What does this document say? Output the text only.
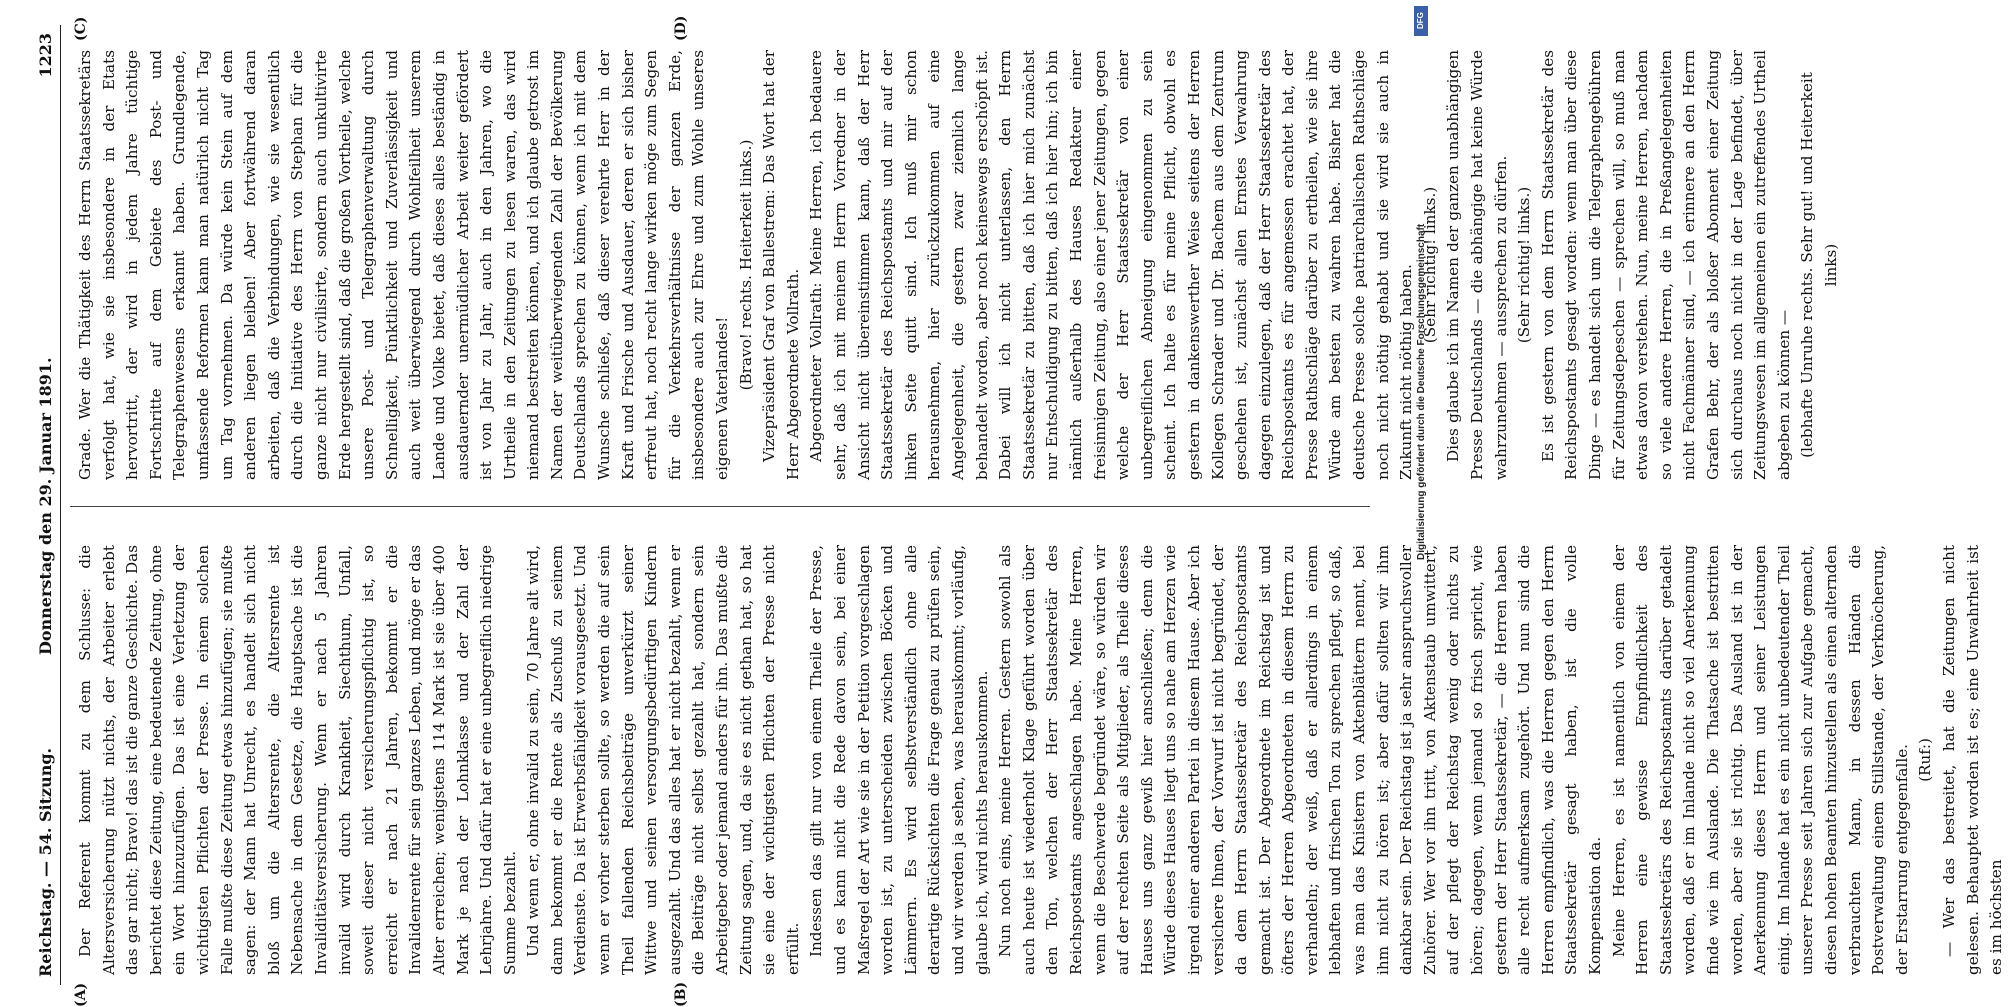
Reichstag. — 54. Sitzung.
Donnerstag den 29. Januar 1891.
1223
(A)	(B)
(C)	(D)

Der Referent kommt zu dem Schlusse: die Altersversicherung nützt nichts, der Arbeiter erlebt das gar nicht; Bravo! das ist die ganze Geschichte. Das berichtet diese Zeitung, eine bedeutende Zeitung, ohne ein Wort hinzuzufügen. Das ist eine Verletzung der wichtigsten Pflichten der Presse. In einem solchen Falle mußte diese Zeitung etwas hinzufügen; sie mußte sagen: der Mann hat Unrecht, es handelt sich nicht bloß um die Altersrente, die Altersrente ist Nebensache in dem Gesetze, die Hauptsache ist die Invaliditätsversicherung. Wenn er nach 5 Jahren invalid wird durch Krankheit, Siechthum, Unfall, soweit dieser nicht versicherungspflichtig ist, so erreicht er nach 21 Jahren, bekommt er die Invalidenrente für sein ganzes Leben, und möge er das Alter erreichen; wenigstens 114 Mark ist sie über 400 Mark je nach der Lohnklasse und der Zahl der Lehrjahre. Und dafür hat er eine unbegreiflich niedrige Summe bezahlt. Und wenn er, ohne invalid zu sein, 70 Jahre alt wird, dann bekommt er die Rente als Zuschuß zu seinem Verdienste. Da ist Erwerbsfähigkeit vorausgesetzt. Und wenn er vorher sterben sollte, so werden die auf sein Theil fallenden Reichsbeiträge unverkürzt seiner Wittwe und seinen versorgungsbedürftigen Kindern ausgezahlt. Und das alles hat er nicht bezahlt, wenn er die Beiträge nicht selbst gezahlt hat, sondern sein Arbeitgeber oder jemand anders für ihn. Das mußte die Zeitung sagen, und, da sie es nicht gethan hat, so hat sie eine der wichtigsten Pflichten der Presse nicht erfüllt. Indessen das gilt nur von einem Theile der Presse, und es kann nicht die Rede davon sein, bei einer Maßregel der Art wie sie in der Petition vorgeschlagen worden ist, zu unterscheiden zwischen Böcken und Lämmern. Es wird selbstverständlich ohne alle derartige Rücksichten die Frage genau zu prüfen sein, und wir werden ja sehen, was herauskommt; vorläufig, glaube ich, wird nichts herauskommen. Nun noch eins, meine Herren. Gestern sowohl als auch heute ist wiederholt Klage geführt worden über den Ton, welchen der Herr Staatssekretär des Reichspostamts angeschlagen habe. Meine Herren, wenn die Beschwerde begründet wäre, so würden wir auf der rechten Seite als Mitglieder, als Theile dieses Hauses uns ganz gewiß hier anschließen; denn die Würde dieses Hauses liegt uns so nahe am Herzen wie irgend einer anderen Partei in diesem Hause. Aber ich versichere Ihnen, der Vorwurf ist nicht begründet, der da dem Herrn Staatssekretär des Reichspostamts gemacht ist. Der Abgeordnete im Reichstag ist und öfters der Herren Abgeordneten in diesem Herrn zu verhandeln; der weiß, daß er allerdings in einem lebhaften und frischen Ton zu sprechen pflegt, so daß, was man das Knistern von Aktenblättern nennt, bei ihm nicht zu hören ist; aber dafür sollten wir ihm dankbar sein. Der Reichstag ist ja sehr anspruchsvoller Zuhörer. Wer vor ihn tritt, von Aktenstaub umwittert, auf der pflegt der Reichstag wenig oder nichts zu hören; dagegen, wenn jemand so frisch spricht, wie gestern der Herr Staatssekretär, — die Herren haben alle recht aufmerksam zugehört. Und nun sind die Herren empfindlich, was die Herren gegen den Herrn Staatssekretär gesagt haben, ist die volle Kompensation da. Meine Herren, es ist namentlich von einem der Herren eine gewisse Empfindlichkeit des Staatssekretärs des Reichspostamts darüber getadelt worden, daß er im Inlande nicht so viel Anerkennung finde wie im Auslande. Die Thatsache ist bestritten worden, aber sie ist richtig. Das Ausland ist in der Anerkennung dieses Herrn und seiner Leistungen einig. Im Inlande hat es ein nicht unbedeutender Theil unserer Presse seit Jahren sich zur Aufgabe gemacht, diesen hohen Beamten hinzustellen als einen alternden verbrauchten Mann, in dessen Händen die Postverwaltung einem Stillstande, der Verknöcherung, der Erstarrung entgegenfalle. (Ruf:) — Wer das bestreitet, hat die Zeitungen nicht gelesen. Behauptet worden ist es; eine Unwahrheit ist es im höchsten

Grade. Wer die Thätigkeit des Herrn Staatssekretärs verfolgt hat, wie sie insbesondere in der Etats hervortritt, der wird in jedem Jahre tüchtige Fortschritte auf dem Gebiete des Post- und Telegraphenwesens erkannt haben. Grundlegende, umfassende Reformen kann man natürlich nicht Tag um Tag vornehmen. Da würde kein Stein auf dem anderen liegen bleiben! Aber fortwährend daran arbeiten, daß die Verbindungen, wie sie wesentlich durch die Initiative des Herrn von Stephan für die ganze nicht nur civilisirte, sondern auch unkultivirte Erde hergestellt sind, daß die großen Vortheile, welche unsere Post- und Telegraphenverwaltung durch Schnelligkeit, Pünktlichkeit und Zuverlässigkeit und auch weit überwiegend durch Wohlfeilheit unserem Lande und Volke bietet, daß dieses alles beständig in ausdauernder unermüdlicher Arbeit weiter gefördert ist von Jahr zu Jahr, auch in den Jahren, wo die Urtheile in den Zeitungen zu lesen waren, das wird niemand bestreiten können, und ich glaube getrost im Namen der weitüberwiegenden Zahl der Bevölkerung Deutschlands sprechen zu können, wenn ich mit dem Wunsche schließe, daß dieser verehrte Herr in der Kraft und Frische und Ausdauer, deren er sich bisher erfreut hat, noch recht lange wirken möge zum Segen für die Verkehrsverhältnisse der ganzen Erde, insbesondere auch zur Ehre und zum Wohle unseres eigenen Vaterlandes!

(Bravo! rechts. Heiterkeit links.) Vizepräsident Graf von Ballestrem: Das Wort hat der Herr Abgeordnete Vollrath. Abgeordneter Vollrath: Meine Herren, ich bedauere sehr, daß ich mit meinem Herrn Vorredner in der Ansicht nicht übereinstimmen kann, daß der Herr Staatssekretär des Reichspostamts und mir auf der linken Seite quitt sind. Ich muß mir schon herausnehmen, hier zurückzukommen auf eine Angelegenheit, die gestern zwar ziemlich lange behandelt worden, aber noch keineswegs erschöpft ist. Dabei will ich nicht unterlassen, den Herrn Staatssekretär zu bitten, daß ich hier mich zunächst nur Entschuldigung zu bitten, daß ich hier hin; ich bin nämlich außerhalb des Hauses Redakteur einer freisinnigen Zeitung, also einer jener Zeitungen, gegen welche der Herr Staatssekretär von einer unbegreiflichen Abneigung eingenommen zu sein scheint. Ich halte es für meine Pflicht, obwohl es gestern in dankenswerther Weise seitens der Herren Kollegen Schrader und Dr. Bachem aus dem Zentrum geschehen ist, zunächst allen Ernstes Verwahrung dagegen einzulegen, daß der Herr Staatssekretär des Reichspostamts es für angemessen erachtet hat, der Presse Rathschläge darüber zu ertheilen, wie sie ihre Würde am besten zu wahren habe. Bisher hat die deutsche Presse solche patriarchalischen Rathschläge noch nicht nöthig gehabt und sie wird sie auch in Zukunft nicht nöthig haben. (Sehr richtig! links.) Dies glaube ich im Namen der ganzen unabhängigen Presse Deutschlands — die abhängige hat keine Würde wahrzunehmen — aussprechen zu dürfen. (Sehr richtig! links.) Es ist gestern von dem Herrn Staatssekretär des Reichspostamts gesagt worden: wenn man über diese Dinge — es handelt sich um die Telegraphengebühren für Zeitungsdepeschen — sprechen will, so muß man etwas davon verstehen. Nun, meine Herren, nachdem so viele andere Herren, die in Preßangelegenheiten nicht Fachmänner sind, — ich erinnere an den Herrn Grafen Behr, der als bloßer Abonnent einer Zeitung sich durchaus noch nicht in der Lage befindet, über Zeitungswesen im allgemeinen ein zutreffendes Urtheil abgeben zu können — (lebhafte Unruhe rechts. Sehr gut! und Heiterkeit links)

DFG
Digitalisierung gefördert durch die Deutsche Forschungsgemeinschaft
